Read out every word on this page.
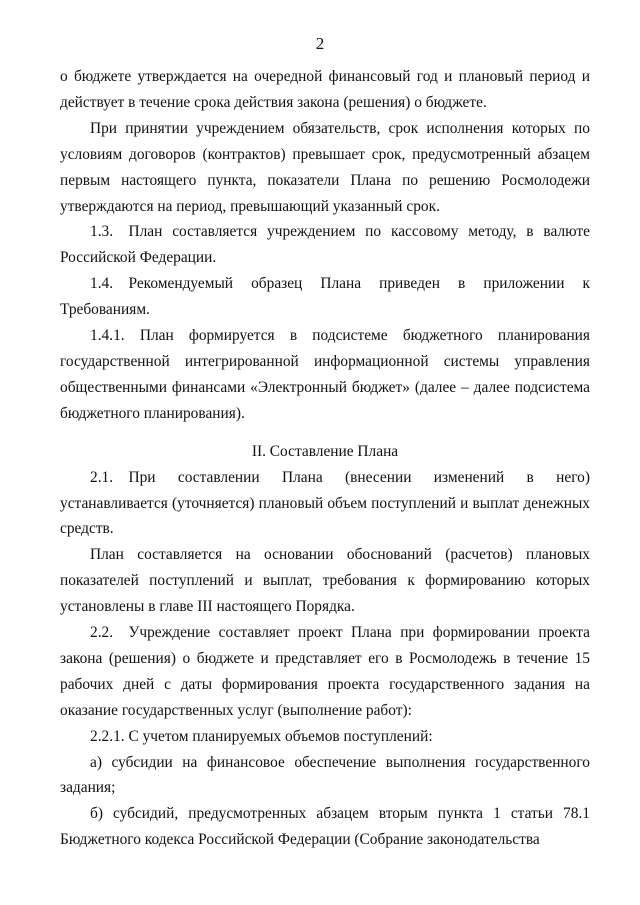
2

о бюджете утверждается на очередной финансовый год и плановый период и действует в течение срока действия закона (решения) о бюджете.

При принятии учреждением обязательств, срок исполнения которых по условиям договоров (контрактов) превышает срок, предусмотренный абзацем первым настоящего пункта, показатели Плана по решению Росмолодежи утверждаются на период, превышающий указанный срок.

1.3. План составляется учреждением по кассовому методу, в валюте Российской Федерации.

1.4. Рекомендуемый образец Плана приведен в приложении к Требованиям.

1.4.1. План формируется в подсистеме бюджетного планирования государственной интегрированной информационной системы управления общественными финансами «Электронный бюджет» (далее – далее подсистема бюджетного планирования).

II. Составление Плана

2.1. При составлении Плана (внесении изменений в него) устанавливается (уточняется) плановый объем поступлений и выплат денежных средств.

План составляется на основании обоснований (расчетов) плановых показателей поступлений и выплат, требования к формированию которых установлены в главе III настоящего Порядка.

2.2. Учреждение составляет проект Плана при формировании проекта закона (решения) о бюджете и представляет его в Росмолодежь в течение 15 рабочих дней с даты формирования проекта государственного задания на оказание государственных услуг (выполнение работ):

2.2.1. С учетом планируемых объемов поступлений:

а) субсидии на финансовое обеспечение выполнения государственного задания;

б) субсидий, предусмотренных абзацем вторым пункта 1 статьи 78.1 Бюджетного кодекса Российской Федерации (Собрание законодательства
